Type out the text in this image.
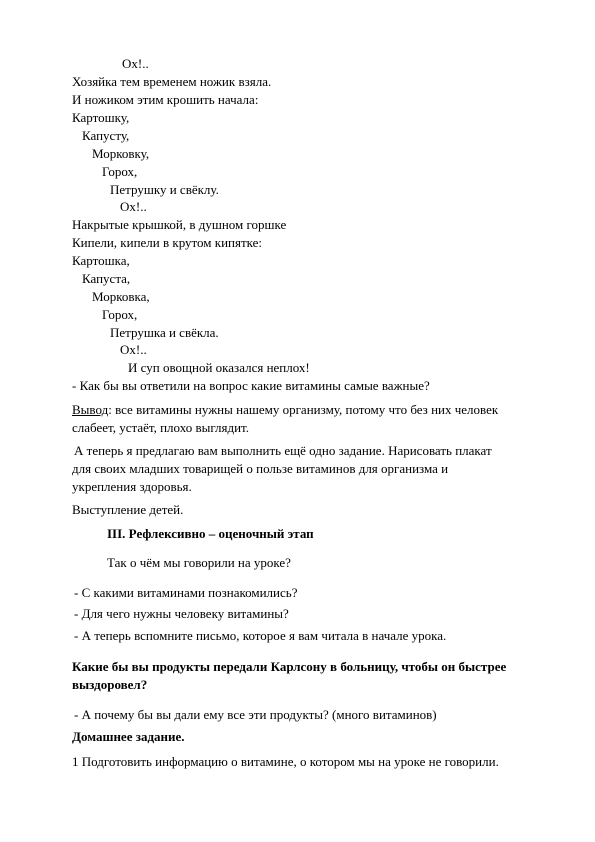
Ох!..
Хозяйка тем временем ножик взяла.
И ножиком этим крошить начала:
Картошку,
Капусту,
Морковку,
Горох,
Петрушку и свёклу.
Ох!..
Накрытые крышкой, в душном горшке
Кипели, кипели в крутом кипятке:
Картошка,
Капуста,
Морковка,
Горох,
Петрушка и свёкла.
Ох!..
И суп овощной оказался неплох!
- Как бы вы ответили на вопрос какие витамины самые важные?
Вывод: все витамины нужны нашему организму, потому что без них человек
слабеет, устаёт, плохо выглядит.
А теперь я предлагаю вам выполнить ещё одно задание. Нарисовать плакат
для своих младших товарищей о пользе витаминов для организма и
укрепления здоровья.
Выступление детей.
III. Рефлексивно – оценочный этап
Так о чём мы говорили на уроке?
- С какими витаминами познакомились?
- Для чего нужны человеку витамины?
- А теперь вспомните письмо, которое я вам читала в начале урока.
Какие бы вы продукты передали Карлсону в больницу, чтобы он быстрее
выздоровел?
- А почему бы вы дали ему все эти продукты? (много витаминов)
Домашнее задание.
1 Подготовить информацию о витамине, о котором мы на уроке не говорили.
